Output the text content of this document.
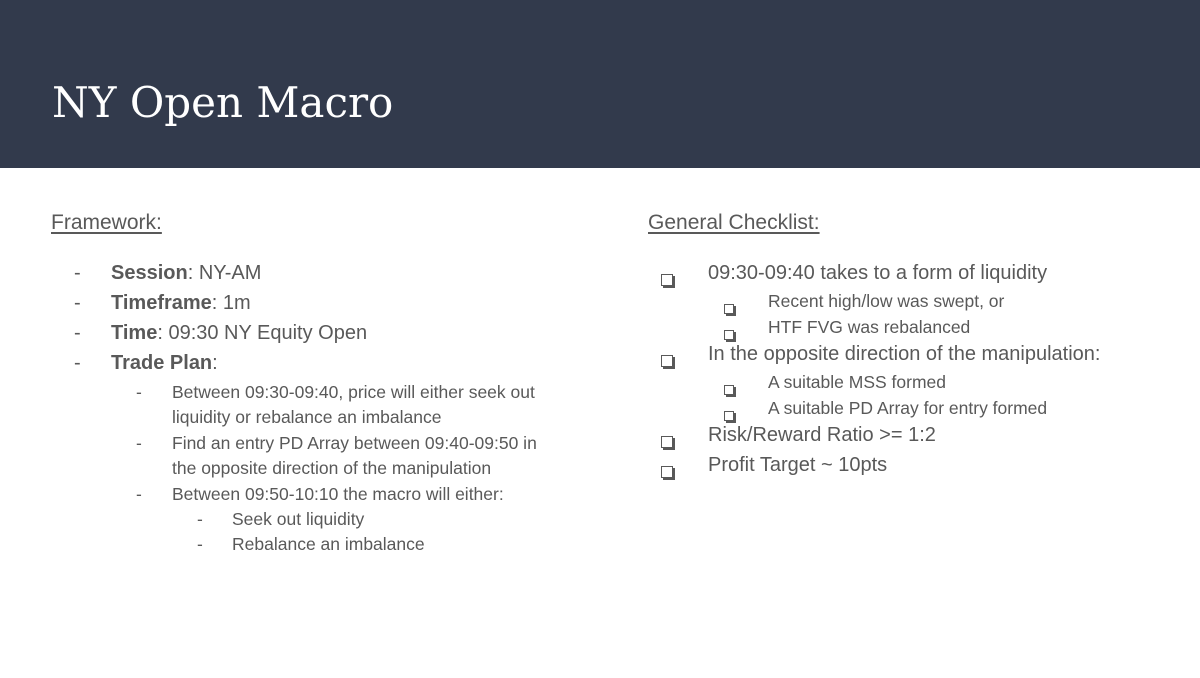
NY Open Macro
Framework:
- Session: NY-AM
- Timeframe: 1m
- Time: 09:30 NY Equity Open
- Trade Plan:
- Between 09:30-09:40, price will either seek out
liquidity or rebalance an imbalance
- Find an entry PD Array between 09:40-09:50 in
the opposite direction of the manipulation
- Between 09:50-10:10 the macro will either:
- Seek out liquidity
- Rebalance an imbalance
General Checklist:
09:30-09:40 takes to a form of liquidity
Recent high/low was swept, or
HTF FVG was rebalanced
In the opposite direction of the manipulation:
A suitable MSS formed
A suitable PD Array for entry formed
Risk/Reward Ratio >= 1:2
Profit Target ~ 10pts
